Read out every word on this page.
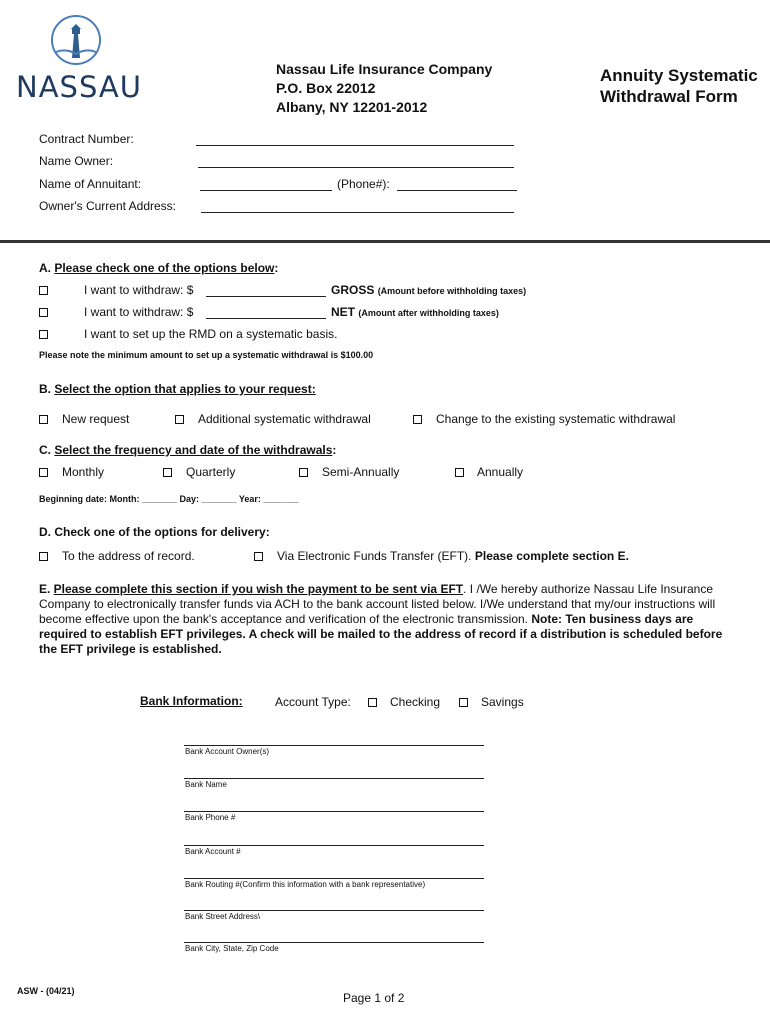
NASSAU
Nassau Life Insurance Company
P.O. Box 22012
Albany, NY 12201-2012
Annuity Systematic
Withdrawal Form
Contract Number:
Name Owner:
Name of Annuitant:	(Phone#):
Owner's Current Address:
A. Please check one of the options below:
I want to withdraw: $	GROSS (Amount before withholding taxes)
I want to withdraw: $	NET (Amount after withholding taxes)
I want to set up the RMD on a systematic basis.
Please note the minimum amount to set up a systematic withdrawal is $100.00
B. Select the option that applies to your request:
New request	Additional systematic withdrawal	Change to the existing systematic withdrawal
C. Select the frequency and date of the withdrawals:
Monthly	Quarterly	Semi-Annually	Annually
Beginning date: Month: _______ Day: _______ Year: _______
D. Check one of the options for delivery:
To the address of record.	Via Electronic Funds Transfer (EFT). Please complete section E.
E. Please complete this section if you wish the payment to be sent via EFT. I /We hereby authorize Nassau Life Insurance Company to electronically transfer funds via ACH to the bank account listed below. I/We understand that my/our instructions will become effective upon the bank's acceptance and verification of the electronic transmission. Note: Ten business days are required to establish EFT privileges. A check will be mailed to the address of record if a distribution is scheduled before the EFT privilege is established.
Bank Information:	Account Type:	Checking	Savings
Bank Account Owner(s)
Bank Name
Bank Phone #
Bank Account #
Bank Routing #(Confirm this information with a bank representative)
Bank Street Address\
Bank City, State, Zip Code
ASW - (04/21)	Page 1 of 2
